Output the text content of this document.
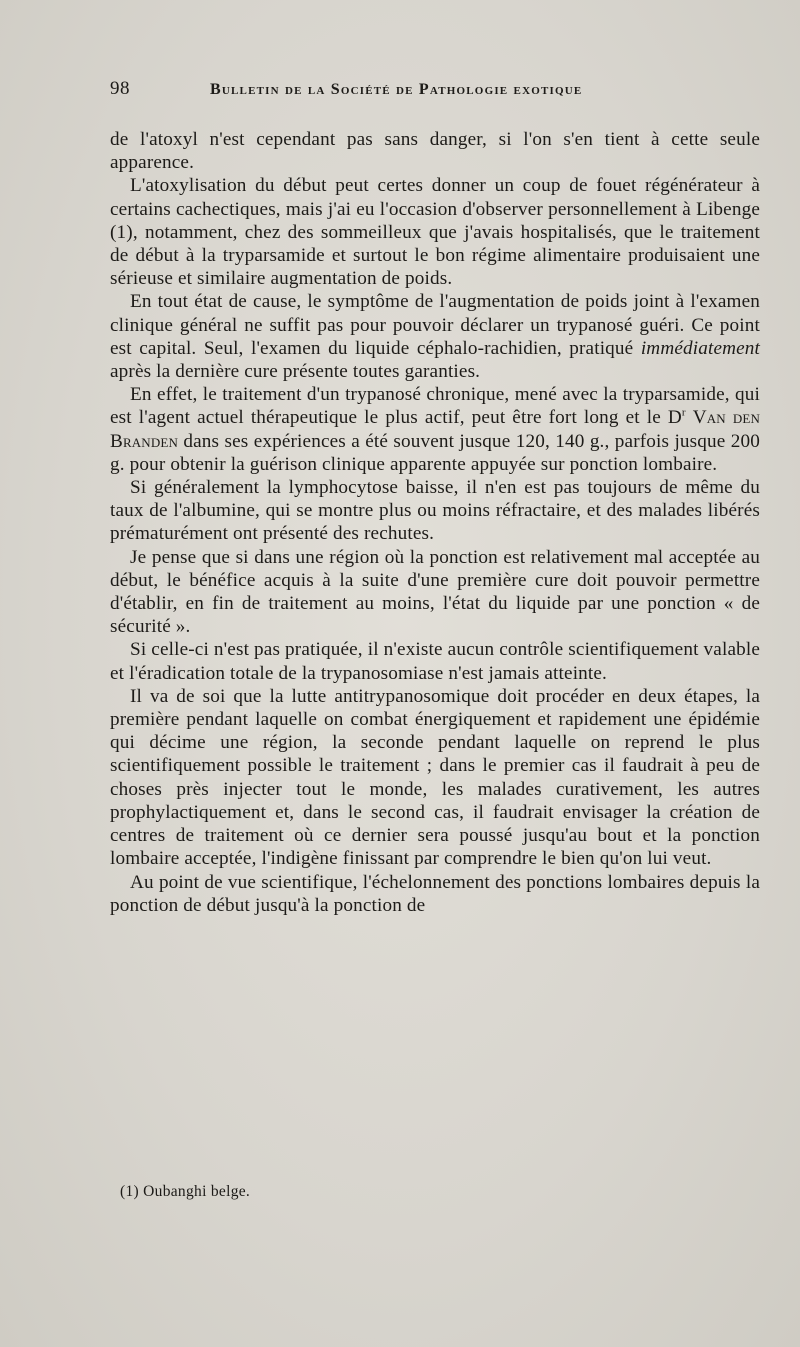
98	Bulletin de la Société de Pathologie exotique

de l'atoxyl n'est cependant pas sans danger, si l'on s'en tient à cette seule apparence.

L'atoxylisation du début peut certes donner un coup de fouet régénérateur à certains cachectiques, mais j'ai eu l'occasion d'observer personnellement à Libenge (1), notamment, chez des sommeilleux que j'avais hospitalisés, que le traitement de début à la tryparsamide et surtout le bon régime alimentaire produisaient une sérieuse et similaire augmentation de poids.

En tout état de cause, le symptôme de l'augmentation de poids joint à l'examen clinique général ne suffit pas pour pouvoir déclarer un trypanosé guéri. Ce point est capital. Seul, l'examen du liquide céphalo-rachidien, pratiqué immédiatement après la dernière cure présente toutes garanties.

En effet, le traitement d'un trypanosé chronique, mené avec la tryparsamide, qui est l'agent actuel thérapeutique le plus actif, peut être fort long et le $D^r$ Van den Branden dans ses expériences a été souvent jusque 120, 140 g., parfois jusque 200 g. pour obtenir la guérison clinique apparente appuyée sur ponction lombaire.

Si généralement la lymphocytose baisse, il n'en est pas toujours de même du taux de l'albumine, qui se montre plus ou moins réfractaire, et des malades libérés prématurément ont présenté des rechutes.

Je pense que si dans une région où la ponction est relativement mal acceptée au début, le bénéfice acquis à la suite d'une première cure doit pouvoir permettre d'établir, en fin de traitement au moins, l'état du liquide par une ponction « de sécurité ».

Si celle-ci n'est pas pratiquée, il n'existe aucun contrôle scientifiquement valable et l'éradication totale de la trypanosomiase n'est jamais atteinte.

Il va de soi que la lutte antitrypanosomique doit procéder en deux étapes, la première pendant laquelle on combat énergiquement et rapidement une épidémie qui décime une région, la seconde pendant laquelle on reprend le plus scientifiquement possible le traitement ; dans le premier cas il faudrait à peu de choses près injecter tout le monde, les malades curativement, les autres prophylactiquement et, dans le second cas, il faudrait envisager la création de centres de traitement où ce dernier sera poussé jusqu'au bout et la ponction lombaire acceptée, l'indigène finissant par comprendre le bien qu'on lui veut.

Au point de vue scientifique, l'échelonnement des ponctions lombaires depuis la ponction de début jusqu'à la ponction de

(1) Oubanghi belge.
